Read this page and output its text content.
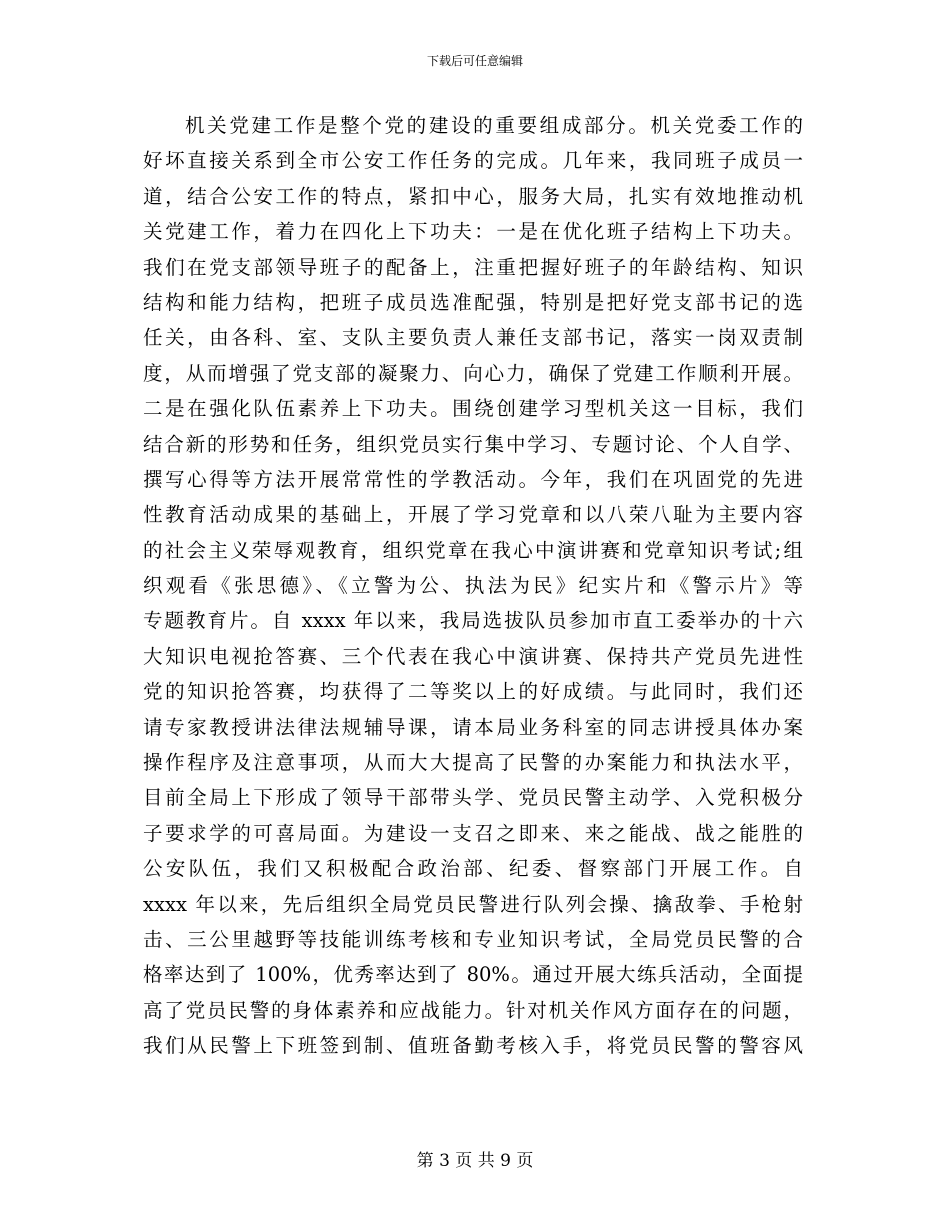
下载后可任意编辑
机关党建工作是整个党的建设的重要组成部分。机关党委工作的
好坏直接关系到全市公安工作任务的完成。几年来，我同班子成员一
道，结合公安工作的特点，紧扣中心，服务大局，扎实有效地推动机
关党建工作，着力在四化上下功夫：一是在优化班子结构上下功夫。
我们在党支部领导班子的配备上，注重把握好班子的年龄结构、知识
结构和能力结构，把班子成员选准配强，特别是把好党支部书记的选
任关，由各科、室、支队主要负责人兼任支部书记，落实一岗双责制
度，从而增强了党支部的凝聚力、向心力，确保了党建工作顺利开展。
二是在强化队伍素养上下功夫。围绕创建学习型机关这一目标，我们
结合新的形势和任务，组织党员实行集中学习、专题讨论、个人自学、
撰写心得等方法开展常常性的学教活动。今年，我们在巩固党的先进
性教育活动成果的基础上，开展了学习党章和以八荣八耻为主要内容
的社会主义荣辱观教育，组织党章在我心中演讲赛和党章知识考试;组
织观看《张思德》、《立警为公、执法为民》纪实片和《警示片》等
专题教育片。自 xxxx 年以来，我局选拔队员参加市直工委举办的十六
大知识电视抢答赛、三个代表在我心中演讲赛、保持共产党员先进性
党的知识抢答赛，均获得了二等奖以上的好成绩。与此同时，我们还
请专家教授讲法律法规辅导课，请本局业务科室的同志讲授具体办案
操作程序及注意事项，从而大大提高了民警的办案能力和执法水平，
目前全局上下形成了领导干部带头学、党员民警主动学、入党积极分
子要求学的可喜局面。为建设一支召之即来、来之能战、战之能胜的
公安队伍，我们又积极配合政治部、纪委、督察部门开展工作。自
xxxx 年以来，先后组织全局党员民警进行队列会操、擒敌拳、手枪射
击、三公里越野等技能训练考核和专业知识考试，全局党员民警的合
格率达到了 100%，优秀率达到了 80%。通过开展大练兵活动，全面提
高了党员民警的身体素养和应战能力。针对机关作风方面存在的问题，
我们从民警上下班签到制、值班备勤考核入手，将党员民警的警容风
第 3 页 共 9 页
